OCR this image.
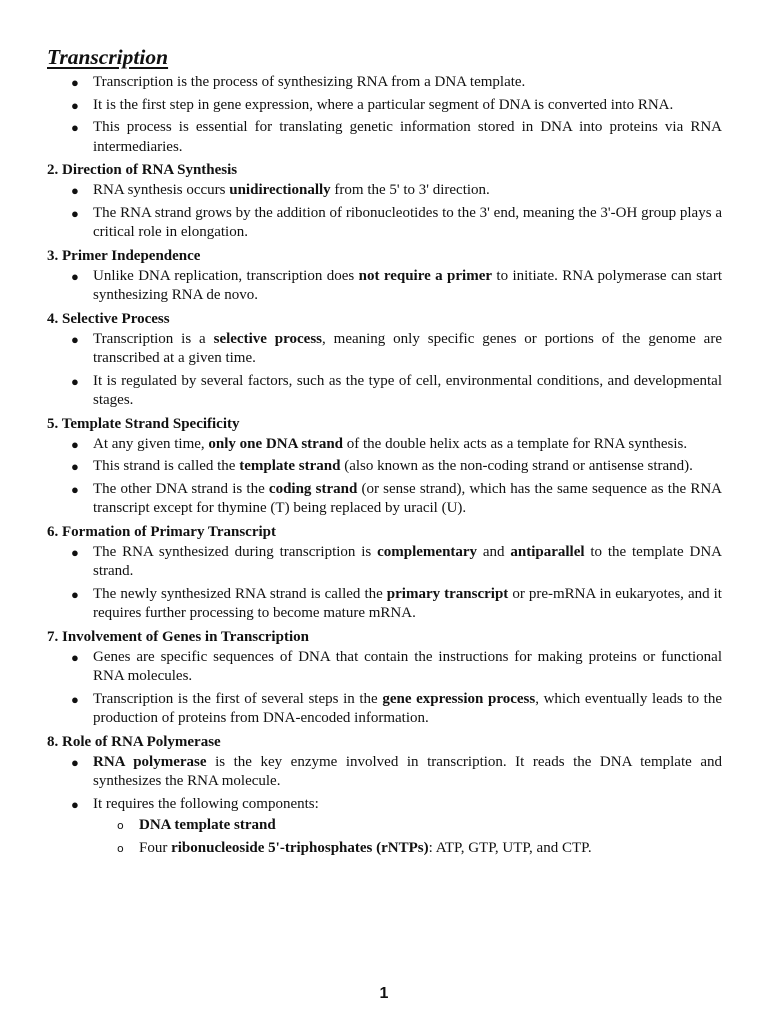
Transcription
● Transcription is the process of synthesizing RNA from a DNA template.
● It is the first step in gene expression, where a particular segment of DNA is converted into RNA.
● This process is essential for translating genetic information stored in DNA into proteins via RNA intermediaries.
2. Direction of RNA Synthesis
● RNA synthesis occurs unidirectionally from the 5' to 3' direction.
● The RNA strand grows by the addition of ribonucleotides to the 3' end, meaning the 3'-OH group plays a critical role in elongation.
3. Primer Independence
● Unlike DNA replication, transcription does not require a primer to initiate. RNA polymerase can start synthesizing RNA de novo.
4. Selective Process
● Transcription is a selective process, meaning only specific genes or portions of the genome are transcribed at a given time.
● It is regulated by several factors, such as the type of cell, environmental conditions, and developmental stages.
5. Template Strand Specificity
● At any given time, only one DNA strand of the double helix acts as a template for RNA synthesis.
● This strand is called the template strand (also known as the non-coding strand or antisense strand).
● The other DNA strand is the coding strand (or sense strand), which has the same sequence as the RNA transcript except for thymine (T) being replaced by uracil (U).
6. Formation of Primary Transcript
● The RNA synthesized during transcription is complementary and antiparallel to the template DNA strand.
● The newly synthesized RNA strand is called the primary transcript or pre-mRNA in eukaryotes, and it requires further processing to become mature mRNA.
7. Involvement of Genes in Transcription
● Genes are specific sequences of DNA that contain the instructions for making proteins or functional RNA molecules.
● Transcription is the first of several steps in the gene expression process, which eventually leads to the production of proteins from DNA-encoded information.
8. Role of RNA Polymerase
● RNA polymerase is the key enzyme involved in transcription. It reads the DNA template and synthesizes the RNA molecule.
● It requires the following components:
o DNA template strand
o Four ribonucleoside 5'-triphosphates (rNTPs): ATP, GTP, UTP, and CTP.
1
